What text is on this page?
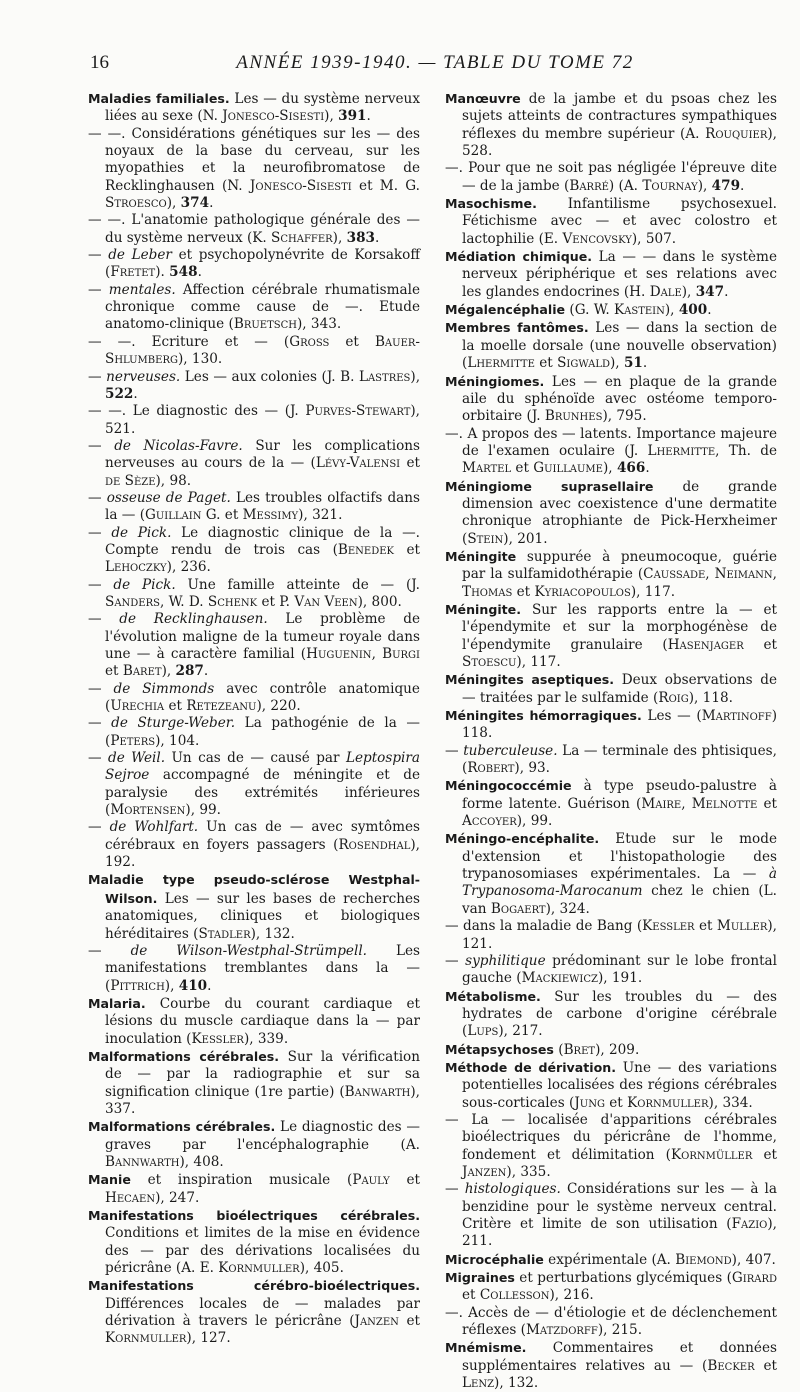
16	ANNÉE 1939-1940. — TABLE DU TOME 72

Maladies familiales. Les — du système nerveux liées au sexe (N. Jonesco-Sisesti), 391.

— —. Considérations génétiques sur les — des noyaux de la base du cerveau, sur les myopathies et la neurofibromatose de Recklinghausen (N. Jonesco-Sisesti et M. G. Stroesco), 374.

— —. L'anatomie pathologique générale des — du système nerveux (K. Schaffer), 383.

— de Leber et psychopolynévrite de Korsakoff (Fretet). 548.

— mentales. Affection cérébrale rhumatismale chronique comme cause de —. Etude anatomo-clinique (Bruetsch), 343.

— —. Ecriture et — (Gross et Bauer-Shlumberg), 130.

— nerveuses. Les — aux colonies (J. B. Lastres), 522.

— —. Le diagnostic des — (J. Purves-Stewart), 521.

— de Nicolas-Favre. Sur les complications nerveuses au cours de la — (Lévy-Valensi et de Sèze), 98.

— osseuse de Paget. Les troubles olfactifs dans la — (Guillain G. et Messimy), 321.

— de Pick. Le diagnostic clinique de la —. Compte rendu de trois cas (Benedek et Lehoczky), 236.

— de Pick. Une famille atteinte de — (J. Sanders, W. D. Schenk et P. Van Veen), 800.

— de Recklinghausen. Le problème de l'évolution maligne de la tumeur royale dans une — à caractère familial (Huguenin, Burgi et Baret), 287.

— de Simmonds avec contrôle anatomique (Urechia et Retezeanu), 220.

— de Sturge-Weber. La pathogénie de la — (Peters), 104.

— de Weil. Un cas de — causé par Leptospira Sejroe accompagné de méningite et de paralysie des extrémités inférieures (Mortensen), 99.

— de Wohlfart. Un cas de — avec symtômes cérébraux en foyers passagers (Rosendhal), 192.

Maladie type pseudo-sclérose Westphal-Wilson. Les — sur les bases de recherches anatomiques, cliniques et biologiques héréditaires (Stadler), 132.

— de Wilson-Westphal-Strümpell. Les manifestations tremblantes dans la — (Pittrich), 410.

Malaria. Courbe du courant cardiaque et lésions du muscle cardiaque dans la — par inoculation (Kessler), 339.

Malformations cérébrales. Sur la vérification de — par la radiographie et sur sa signification clinique (1re partie) (Banwarth), 337.

Malformations cérébrales. Le diagnostic des — graves par l'encéphalographie (A. Bannwarth), 408.

Manie et inspiration musicale (Pauly et Hecaen), 247.

Manifestations bioélectriques cérébrales. Conditions et limites de la mise en évidence des — par des dérivations localisées du péricrâne (A. E. Kornmuller), 405.

Manifestations cérébro-bioélectriques. Différences locales de — malades par dérivation à travers le péricrâne (Janzen et Kornmuller), 127.

Manœuvre de la jambe et du psoas chez les sujets atteints de contractures sympathiques réflexes du membre supérieur (A. Rouquier), 528.

—. Pour que ne soit pas négligée l'épreuve dite — de la jambe (Barré) (A. Tournay), 479.

Masochisme. Infantilisme psychosexuel. Fétichisme avec — et avec colostro et lactophilie (E. Vencovsky), 507.

Médiation chimique. La — — dans le système nerveux périphérique et ses relations avec les glandes endocrines (H. Dale), 347.

Mégalencéphalie (G. W. Kastein), 400.

Membres fantômes. Les — dans la section de la moelle dorsale (une nouvelle observation) (Lhermitte et Sigwald), 51.

Méningiomes. Les — en plaque de la grande aile du sphénoïde avec ostéome temporo-orbitaire (J. Brunhes), 795.

—. A propos des — latents. Importance majeure de l'examen oculaire (J. Lhermitte, Th. de Martel et Guillaume), 466.

Méningiome suprasellaire de grande dimension avec coexistence d'une dermatite chronique atrophiante de Pick-Herxheimer (Stein), 201.

Méningite suppurée à pneumocoque, guérie par la sulfamidothérapie (Caussade, Neimann, Thomas et Kyriacopoulos), 117.

Méningite. Sur les rapports entre la — et l'épendymite et sur la morphogénèse de l'épendymite granulaire (Hasenjager et Stoescu), 117.

Méningites aseptiques. Deux observations de — traitées par le sulfamide (Roig), 118.

Méningites hémorragiques. Les — (Martinoff) 118.

— tuberculeuse. La — terminale des phtisiques, (Robert), 93.

Méningococcémie à type pseudo-palustre à forme latente. Guérison (Maire, Melnotte et Accoyer), 99.

Méningo-encéphalite. Etude sur le mode d'extension et l'histopathologie des trypanosomiases expérimentales. La — à Trypanosoma-Marocanum chez le chien (L. van Bogaert), 324.

— dans la maladie de Bang (Kessler et Muller), 121.

— syphilitique prédominant sur le lobe frontal gauche (Mackiewicz), 191.

Métabolisme. Sur les troubles du — des hydrates de carbone d'origine cérébrale (Lups), 217.

Métapsychoses (Bret), 209.

Méthode de dérivation. Une — des variations potentielles localisées des régions cérébrales sous-corticales (Jung et Kornmuller), 334.

— La — localisée d'apparitions cérébrales bioélectriques du péricrâne de l'homme, fondement et délimitation (Kornmüller et Janzen), 335.

— histologiques. Considérations sur les — à la benzidine pour le système nerveux central. Critère et limite de son utilisation (Fazio), 211.

Microcéphalie expérimentale (A. Biemond), 407.

Migraines et perturbations glycémiques (Girard et Collesson), 216.

—. Accès de — d'étiologie et de déclenchement réflexes (Matzdorff), 215.

Mnémisme. Commentaires et données supplémentaires relatives au — (Becker et Lenz), 132.
